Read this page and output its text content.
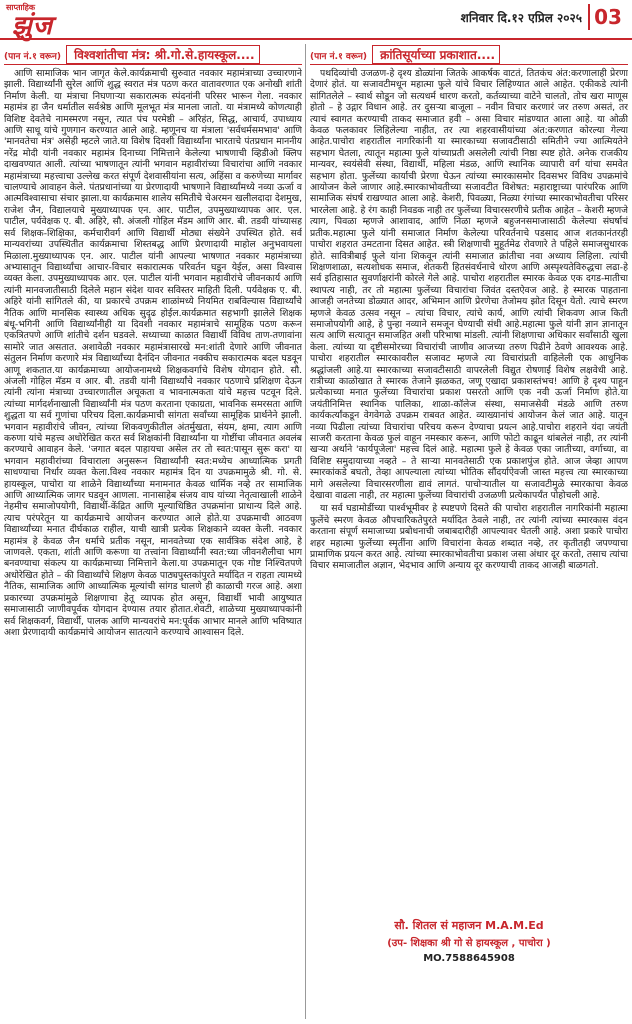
साप्ताहिक
झुंज	शनिवार दि.१२ एप्रिल २०२५ 03
(पान नं.१ वरून) विश्वशांतीचा मंत्र: श्री.गो.से.हायस्कूल....

आणि सामाजिक भान जागृत केले.कार्यक्रमाची सुरुवात नवकार महामंत्राच्या उच्चारणाने झाली. विद्यार्थ्यांनी सुरेल आणि शुद्ध स्वरात मंत्र पठण करत वातावरणात एक अनोखी शांती निर्माण केली. या मंत्राचा निघणाऱ्या सकारात्मक स्पंदनांनी परिसर भारून गेला. नवकार महामंत्र हा जैन धर्मातील सर्वश्रेष्ठ आणि मूलभूत मंत्र मानला जातो. या मंत्रामध्ये कोणत्याही विशिष्ट देवतेचे नामस्मरण नसून, त्यात पंच परमेष्ठी – अरिहंत, सिद्ध, आचार्य, उपाध्याय आणि साधू यांचे गुणगान करण्यात आले आहे. म्हणूनच या मंत्राला 'सर्वधर्मसमभाव' आणि 'मानवतेचा मंत्र' असेही म्हटले जाते.या विशेष दिवशी विद्यार्थ्यांना भारताचे पंतप्रधान माननीय नरेंद्र मोदी यांनी नवकार महामंत्र दिनाच्या निमित्ताने केलेल्या भाषणाची व्हिडीओ क्लिप दाखवण्यात आली. त्यांच्या भाषणातून त्यांनी भगवान महावीरांच्या विचारांचा आणि नवकार महामंत्राच्या महत्त्वाचा उल्लेख करत संपूर्ण देशवासीयांना सत्य, अहिंसा व करुणेच्या मार्गावर चालण्याचे आवाहन केले. पंतप्रधानांच्या या प्रेरणादायी भाषणाने विद्यार्थ्यांमध्ये नव्या ऊर्जा व आत्मविश्वासाचा संचार झाला.या कार्यक्रमास शालेय समितीचे चेअरमन खलीलदादा देशमुख, राजेश जैन, विद्यालयाचे मुख्याध्यापक एन. आर. पाटील, उपमुख्याध्यापक आर. एल. पाटील, पर्यवेक्षक ए. बी. अहिरे, सौ. अंजली गोहिल मॅडम आणि आर. बी. तडवी यांच्यासह सर्व शिक्षक-शिक्षिका, कर्मचारीवर्ग आणि विद्यार्थी मोठ्या संख्येने उपस्थित होते. सर्व मान्यवरांच्या उपस्थितीत कार्यक्रमाचा शिस्तबद्ध आणि प्रेरणादायी माहोल अनुभवायला मिळाला.मुख्याध्यापक एन. आर. पाटील यांनी आपल्या भाषणात नवकार महामंत्राच्या अभ्यासातून विद्यार्थ्यांचा आचार-विचार सकारात्मक परिवर्तन घडून येईल, असा विश्वास व्यक्त केला. उपमुख्याध्यापक आर. एल. पाटील यांनी भगवान महावीरांचे जीवनकार्य आणि त्यांनी मानवजातीसाठी दिलेले महान संदेश यावर सविस्तर माहिती दिली. पर्यवेक्षक ए. बी. अहिरे यांनी सांगितले की, या प्रकारचे उपक्रम शाळांमध्ये नियमित राबविल्यास विद्यार्थ्यांचे नैतिक आणि मानसिक स्वास्थ्य अधिक सुदृढ होईल.कार्यक्रमात सहभागी झालेले शिक्षक बंधू-भगिनी आणि विद्यार्थ्यांनीही या दिवशी नवकार महामंत्राचे सामूहिक पठण करून एकत्रितपणे आणि शांतीचे दर्शन घडवले. सध्याच्या काळात विद्यार्थी विविध ताण-तणावांना सामोरे जात असतात. अशावेळी नवकार महामंत्रासारखे मन:शांती देणारे आणि जीवनात संतुलन निर्माण करणारे मंत्र विद्यार्थ्यांच्या दैनंदिन जीवनात नक्कीच सकारात्मक बदल घडवून आणू शकतात.या कार्यक्रमाच्या आयोजनामध्ये शिक्षकवर्गाचे विशेष योगदान होते. सौ. अंजली गोहिल मॅडम व आर. बी. तडवी यांनी विद्यार्थ्यांचे नवकार पठणाचे प्रशिक्षण देऊन त्यांनी त्यांना मंत्राच्या उच्चारणातील अचूकता व भावनात्मकता यांचे महत्त्व पटवून दिले. त्यांच्या मार्गदर्शनाखाली विद्यार्थ्यांनी मंत्र पठण करताना एकाग्रता, भावनिक समरसता आणि शुद्धता या सर्व गुणांचा परिचय दिला.कार्यक्रमाची सांगता सर्वांच्या सामूहिक प्रार्थनेने झाली. भगवान महावीरांचे जीवन, त्यांच्या शिकवणुकीतील अंतर्मुखता, संयम, क्षमा, त्याग आणि करुणा यांचे महत्त्व अधोरेखित करत सर्व शिक्षकांनी विद्यार्थ्यांना या गोष्टींचा जीवनात अवलंब करण्याचे आवाहन केले. 'जगात बदल पाहायचा असेल तर तो स्वत:पासून सुरू करा' या भगवान महावीरांच्या विचाराला अनुसरून विद्यार्थ्यांनी स्वत:मध्येच आध्यात्मिक प्रगती साधण्याचा निर्धार व्यक्त केला.विश्व नवकार महामंत्र दिन या उपक्रमामुळे श्री. गो. से. हायस्कूल, पाचोरा या शाळेने विद्यार्थ्यांच्या मनामनात केवळ धार्मिक नव्हे तर सामाजिक आणि आध्यात्मिक जागर घडवून आणला. नानासाहेब संजय वाघ यांच्या नेतृत्वाखाली शाळेने नेहमीच समाजोपयोगी, विद्यार्थी-केंद्रित आणि मूल्याधिष्ठित उपक्रमांना प्राधान्य दिले आहे. त्याच परंपरेतून या कार्यक्रमाचे आयोजन करण्यात आले होते.या उपक्रमाची आठवण विद्यार्थ्यांच्या मनात दीर्घकाळ राहील, याची खात्री प्रत्येक शिक्षकाने व्यक्त केली. नवकार महामंत्र हे केवळ जैन धर्माचे प्रतीक नसून, मानवतेच्या एक सार्वत्रिक संदेश आहे, हे जाणवले. एकता, शांती आणि करूणा या तत्त्वांना विद्यार्थ्यांनी स्वत:च्या जीवनशैलीचा भाग बनवण्याचा संकल्प या कार्यक्रमाच्या निमित्ताने केला.या उपक्रमातून एक गोष्ट निश्चितपणे अधोरेखित होते – की विद्यार्थ्यांचे शिक्षण केवळ पाठ्यपुस्तकांपुरते मर्यादित न राहता त्यामध्ये नैतिक, सामाजिक आणि आध्यात्मिक मूल्यांची सांगड घालणे ही काळाची गरज आहे. अशा प्रकारच्या उपक्रमांमुळे शिक्षणाचा हेतू व्यापक होत असून, विद्यार्थी भावी आयुष्यात समाजासाठी जाणीवपूर्वक योगदान देण्यास तयार होतात.शेवटी, शाळेच्या मुख्याध्यापकांनी सर्व शिक्षकवर्ग, विद्यार्थी, पालक आणि मान्यवरांचे मन:पूर्वक आभार मानले आणि भविष्यात अशा प्रेरणादायी कार्यक्रमांचे आयोजन सातत्याने करण्याचे आश्वासन दिले.

(पान नं.१ वरून) क्रांतिसूर्याच्या प्रकाशात....

पथदिव्यांची उजळण-हे दृश्य डोळ्यांना जितके आकर्षक वाटतं, तितकंच अंत:करणालाही प्रेरणा देणारं होतं. या सजावटीमधून महात्मा फुले यांचे विचार लिहिण्यात आले आहेत. एकीकडे त्यांनी सांगितलेले – स्वार्थ सोडून जो सत्यधर्म धारण करतो, कर्तव्याच्या वाटेने चालतो, तोच खरा माणूस होतो – हे उद्गार विधान आहे. तर दुसऱ्या बाजूला – नवीन विचार करणारं जर तरुण असतं, तर त्याचं स्वागत करण्याची ताकद समाजात हवी – असा विचार मांडण्यात आला आहे. या ओळी केवळ फलकावर लिहिलेल्या नाहीत, तर त्या शहरवासीयांच्या अंत:करणात कोरल्या गेल्या आहेत.पाचोरा शहरातील नागरिकांनी या स्मारकाच्या सजावटीसाठी समितीने ज्या आत्मियतेने सहभाग घेतला, त्यातून महात्मा फुले यांच्याप्रती असलेली त्यांची निष्ठा स्पष्ट होते. अनेक राजकीय मान्यवर, स्वयंसेवी संस्था, विद्यार्थी, महिला मंडळ, आणि स्थानिक व्यापारी वर्ग यांचा समवेत सहभाग होता. फुलेंच्या कार्याची प्रेरणा घेऊन त्यांच्या स्मारकासमोर दिवसभर विविध उपक्रमांचे आयोजन केले जाणार आहे.स्मारकाभोवतीच्या सजावटीत विशेषत: महाराष्ट्राच्या पारंपरिक आणि सामाजिक संघर्ष राखण्यात आला आहे. केशरी, पिवळ्या, निळ्या रंगांच्या स्मारकाभोवतीचा परिसर भारलेला आहे. हे रंग काही निवडक नाही तर फुलेंच्या विचारसरणीचे प्रतीक आहेत – केशरी म्हणजे त्याग, पिवळा म्हणजे आशावाद, आणि निळा म्हणजे बहुजनसमाजासाठी केलेल्या संघर्षाचं प्रतीक.महात्मा फुले यांनी समाजात निर्माण केलेल्या परिवर्तनाचे पडसाद आज शतकानंतरही पाचोरा शहरात उमटताना दिसत आहेत. स्त्री शिक्षणाची मुहूर्तमेढ रोवणारे ते पहिले समाजसुधारक होते. सावित्रीबाई फुले यांना शिकवून त्यांनी समाजात क्रांतीचा नवा अध्याय लिहिला. त्यांची शिक्षणशाळा, सत्यशोधक समाज, शेतकरी हितसंवर्धनाचे धोरण आणि अस्पृश्यतेविरुद्धचा लढा-हे सर्व इतिहासात सुवर्णाक्षरांनी कोरले गेले आहे. पाचोरा शहरातील स्मारक केवळ एक दगड-मातीचा स्थापत्य नाही, तर तो महात्मा फुलेंच्या विचारांचा जिवंत दस्तऐवज आहे. हे स्मारक पाहताना आजही जनतेच्या डोळ्यात आदर, अभिमान आणि प्रेरणेचा तेजोमय झोत दिसून येतो. त्याचे स्मरण म्हणजे केवळ उत्सव नसून – त्यांचा विचार, त्यांचे कार्य, आणि त्यांची शिकवण आज किती समाजोपयोगी आहे, हे पुन्हा नव्याने समजून घेण्याची संधी आहे.महात्मा फुले यांनी ज्ञान ज्ञानातून सत्य आणि सत्यातून समाजहित अशी परिभाषा मांडली. त्यांनी शिक्षणाचा अधिकार सर्वांसाठी खुला केला. त्यांच्या या दृष्टीसमोरच्या विचारांची जाणीव आजच्या तरुण पिढीने ठेवणे आवश्यक आहे. पाचोरा शहरातील स्मारकावरील सजावट म्हणजे त्या विचारांप्रती वाहिलेली एक आधुनिक श्रद्धांजली आहे.या स्मारकाच्या सजावटीसाठी वापरलेली विद्युत रोषणाई विशेष लक्षवेधी आहे. रात्रीच्या काळोखात ते स्मारक तेजाने झळकत, जणू एखादा प्रकाशस्तंभच! आणि हे दृश्य पाहून प्रत्येकाच्या मनात फुलेंच्या विचारांचा प्रकाश पसरतो आणि एक नवी ऊर्जा निर्माण होते.या जयंतीनिमित्त स्थानिक पालिका, शाळा-कॉलेज संस्था, समाजसेवी मंडळे आणि तरुण कार्यकर्त्यांकडून वेगवेगळे उपक्रम राबवत आहेत. व्याख्यानांचं आयोजन केलं जात आहे. यातून नव्या पिढीला त्यांच्या विचारांचा परिचय करून देण्याचा प्रयत्न आहे.पाचोरा शहराने यंदा जयंती साजरी करताना केवळ फुलं वाहून नमस्कार करून, आणि फोटो काढून थांबलेलं नाही, तर त्यांनी खऱ्या अर्थाने 'कार्यपूजेला' महत्त्व दिलं आहे. महात्मा फुले हे केवळ एका जातीच्या, वर्गाच्या, वा विशिष्ट समुदायाच्या नव्हते – ते साऱ्या मानवतेसाठी एक प्रकाशपुंज होते. आज जेव्हा आपण स्मारकांकडे बघतो, तेव्हा आपल्याला त्यांच्या भोतिक सौंदर्याऐवजी जास्त महत्त्व त्या स्मारकाच्या मागे असलेल्या विचारसरणीला द्यावं लागतं. पाचोऱ्यातील या सजावटीमुळे स्मारकाचा केवळ देखावा वाढला नाही, तर महात्मा फुलेंच्या विचारांची उजळणी प्रत्येकापर्यंत पोहोचली आहे.

या सर्व घडामोडींच्या पार्श्वभूमीवर हे स्पष्टपणे दिसते की पाचोरा शहरातील नागरिकांनी महात्मा फुलेंचे स्मरण केवळ औपचारिकतेपुरते मर्यादित ठेवले नाही, तर त्यांनी त्यांच्या स्मारकास वंदन करताना संपूर्ण समाजाच्या प्रबोधनाची जबाबदारीही आपल्यावर घेतली आहे. अशा प्रकारे पाचोरा शहर महात्मा फुलेंच्या स्मृतींना आणि विचारांना केवळ शब्दात नव्हे, तर कृतीतही जपण्याचा प्रामाणिक प्रयत्न करत आहे. त्यांच्या स्मारकाभोवतीचा प्रकाश जसा अंधार दूर करतो, तसाच त्यांचा विचार समाजातील अज्ञान, भेदभाव आणि अन्याय दूर करण्याची ताकद आजही बाळगतो.

सौ. शितल सं महाजन M.A.M.Ed
(उप- शिक्षका श्री गो से हायस्कूल , पाचोरा )
MO.7588645908
